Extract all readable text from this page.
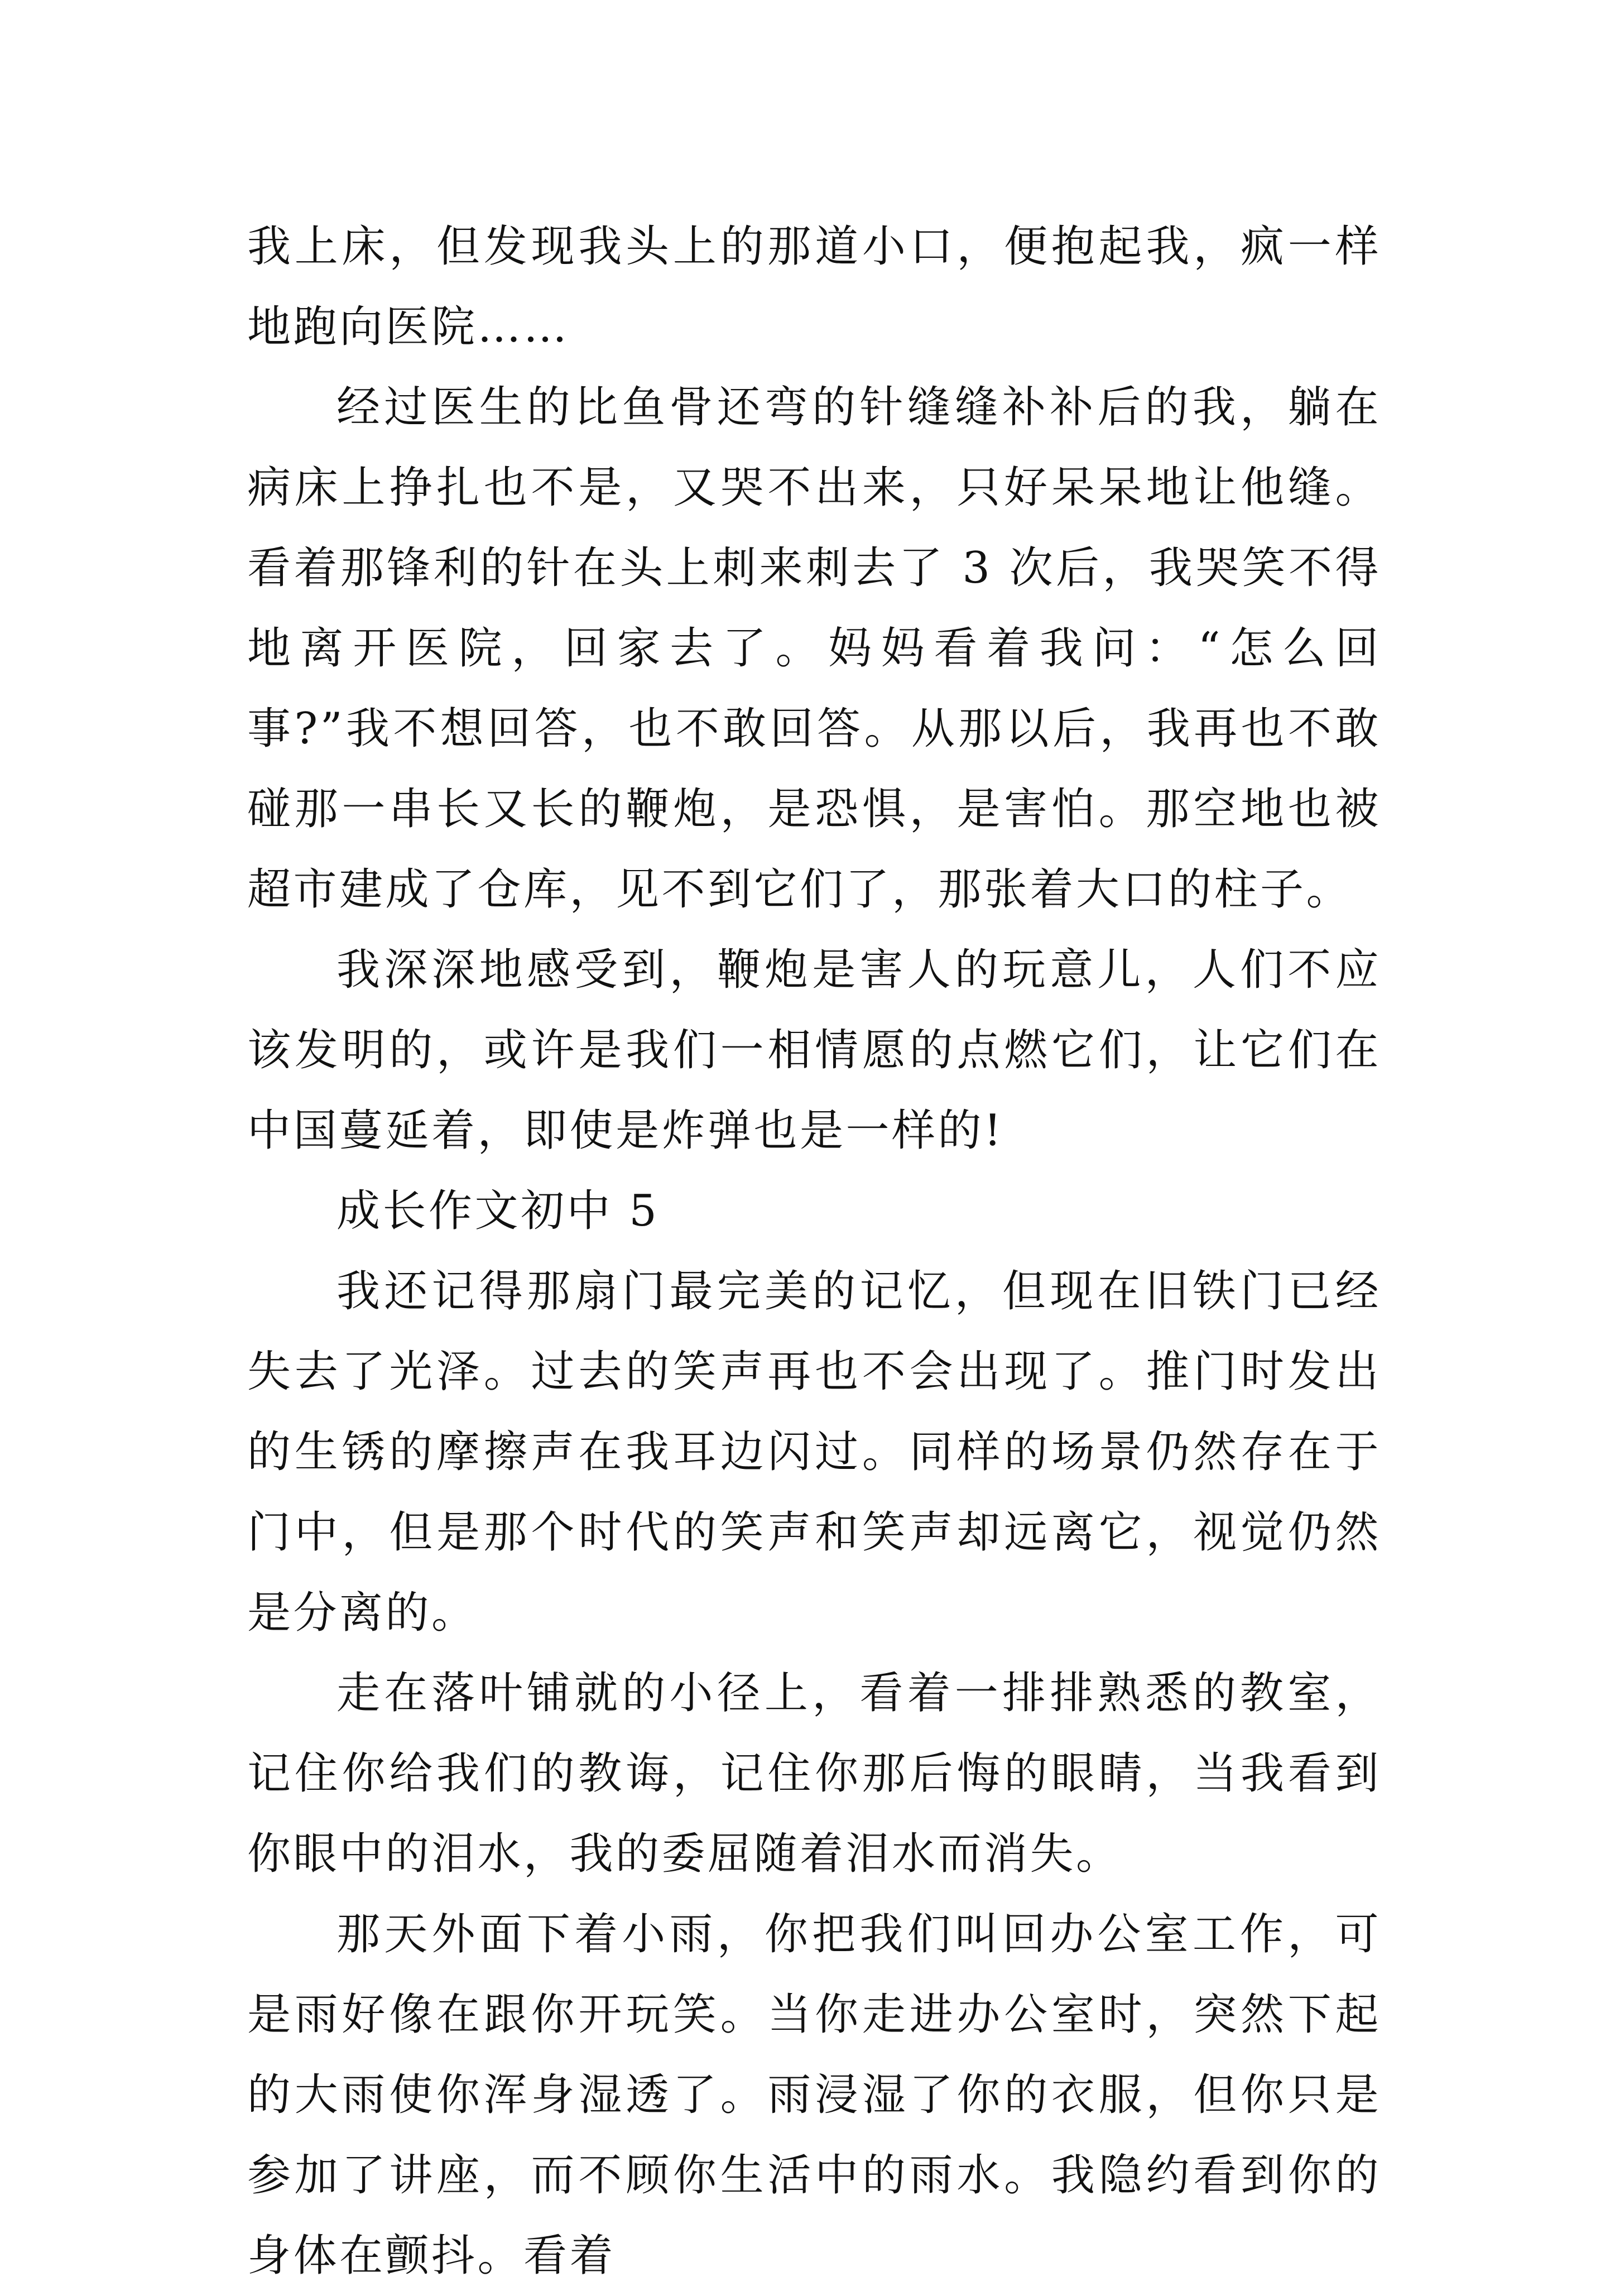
我上床，但发现我头上的那道小口，便抱起我，疯一样地跑向医院……

经过医生的比鱼骨还弯的针缝缝补补后的我，躺在病床上挣扎也不是，又哭不出来，只好呆呆地让他缝。看着那锋利的针在头上刺来刺去了 3 次后，我哭笑不得地离开医院，回家去了。妈妈看着我问：“怎么回事?”我不想回答，也不敢回答。从那以后，我再也不敢碰那一串长又长的鞭炮，是恐惧，是害怕。那空地也被超市建成了仓库，见不到它们了，那张着大口的柱子。

我深深地感受到，鞭炮是害人的玩意儿，人们不应该发明的，或许是我们一相情愿的点燃它们，让它们在中国蔓延着，即使是炸弹也是一样的!

成长作文初中 5

我还记得那扇门最完美的记忆，但现在旧铁门已经失去了光泽。过去的笑声再也不会出现了。推门时发出的生锈的摩擦声在我耳边闪过。同样的场景仍然存在于门中，但是那个时代的笑声和笑声却远离它，视觉仍然是分离的。

走在落叶铺就的小径上，看着一排排熟悉的教室，记住你给我们的教诲，记住你那后悔的眼睛，当我看到你眼中的泪水，我的委屈随着泪水而消失。

那天外面下着小雨，你把我们叫回办公室工作，可是雨好像在跟你开玩笑。当你走进办公室时，突然下起的大雨使你浑身湿透了。雨浸湿了你的衣服，但你只是参加了讲座，而不顾你生活中的雨水。我隐约看到你的身体在颤抖。看着
